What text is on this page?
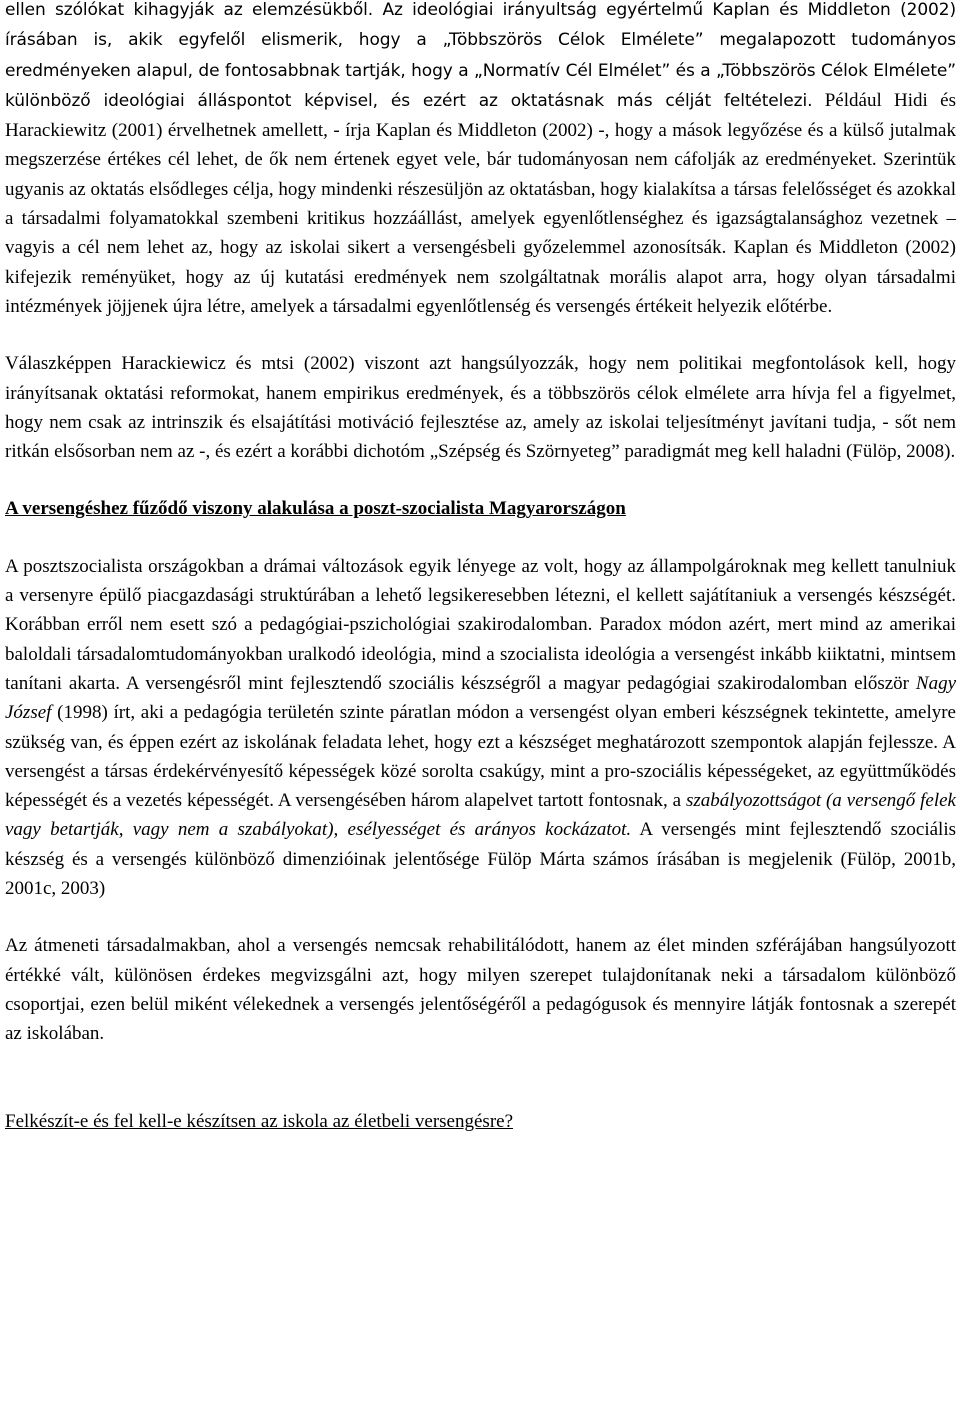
ellen szólókat kihagyják az elemzésükből. Az ideológiai irányultság egyértelmű Kaplan és Middleton (2002) írásában is, akik egyfelől elismerik, hogy a „Többszörös Célok Elmélete” megalapozott tudományos eredményeken alapul, de fontosabbnak tartják, hogy a „Normatív Cél Elmélet” és a „Többszörös Célok Elmélete” különböző ideológiai álláspontot képvisel, és ezért az oktatásnak más célját feltételezi. Például Hidi és Harackiewitz (2001) érvelhetnek amellett, - írja Kaplan és Middleton (2002) -, hogy a mások legyőzése és a külső jutalmak megszerzése értékes cél lehet, de ők nem értenek egyet vele, bár tudományosan nem cáfolják az eredményeket. Szerintük ugyanis az oktatás elsődleges célja, hogy mindenki részesüljön az oktatásban, hogy kialakítsa a társas felelősséget és azokkal a társadalmi folyamatokkal szembeni kritikus hozzáállást, amelyek egyenlőtlenséghez és igazságtalansághoz vezetnek – vagyis a cél nem lehet az, hogy az iskolai sikert a versengésbeli győzelemmel azonosítsák. Kaplan és Middleton (2002) kifejezik reményüket, hogy az új kutatási eredmények nem szolgáltatnak morális alapot arra, hogy olyan társadalmi intézmények jöjjenek újra létre, amelyek a társadalmi egyenlőtlenség és versengés értékeit helyezik előtérbe.

Válaszképpen Harackiewicz és mtsi (2002) viszont azt hangsúlyozzák, hogy nem politikai megfontolások kell, hogy irányítsanak oktatási reformokat, hanem empirikus eredmények, és a többszörös célok elmélete arra hívja fel a figyelmet, hogy nem csak az intrinszik és elsajátítási motiváció fejlesztése az, amely az iskolai teljesítményt javítani tudja, - sőt nem ritkán elsősorban nem az -, és ezért a korábbi dichotóm „Szépség és Szörnyeteg” paradigmát meg kell haladni (Fülöp, 2008).

A versengéshez fűződő viszony alakulása a poszt-szocialista Magyarországon

A posztszocialista országokban a drámai változások egyik lényege az volt, hogy az állampolgároknak meg kellett tanulniuk a versenyre épülő piacgazdasági struktúrában a lehető legsikeresebben létezni, el kellett sajátítaniuk a versengés készségét. Korábban erről nem esett szó a pedagógiai-pszichológiai szakirodalomban. Paradox módon azért, mert mind az amerikai baloldali társadalomtudományokban uralkodó ideológia, mind a szocialista ideológia a versengést inkább kiiktatni, mintsem tanítani akarta. A versengésről mint fejlesztendő szociális készségről a magyar pedagógiai szakirodalomban először Nagy József (1998) írt, aki a pedagógia területén szinte páratlan módon a versengést olyan emberi készségnek tekintette, amelyre szükség van, és éppen ezért az iskolának feladata lehet, hogy ezt a készséget meghatározott szempontok alapján fejlessze. A versengést a társas érdekérvényesítő képességek közé sorolta csakúgy, mint a pro-szociális képességeket, az együttműködés képességét és a vezetés képességét. A versengésében három alapelvet tartott fontosnak, a szabályozottságot (a versengő felek vagy betartják, vagy nem a szabályokat), esélyességet és arányos kockázatot. A versengés mint fejlesztendő szociális készség és a versengés különböző dimenzióinak jelentősége Fülöp Márta számos írásában is megjelenik (Fülöp, 2001b, 2001c, 2003)

Az átmeneti társadalmakban, ahol a versengés nemcsak rehabilitálódott, hanem az élet minden szférájában hangsúlyozott értékké vált, különösen érdekes megvizsgálni azt, hogy milyen szerepet tulajdonítanak neki a társadalom különböző csoportjai, ezen belül miként vélekednek a versengés jelentőségéről a pedagógusok és mennyire látják fontosnak a szerepét az iskolában.

Felkészít-e és fel kell-e készítsen az iskola az életbeli versengésre?
